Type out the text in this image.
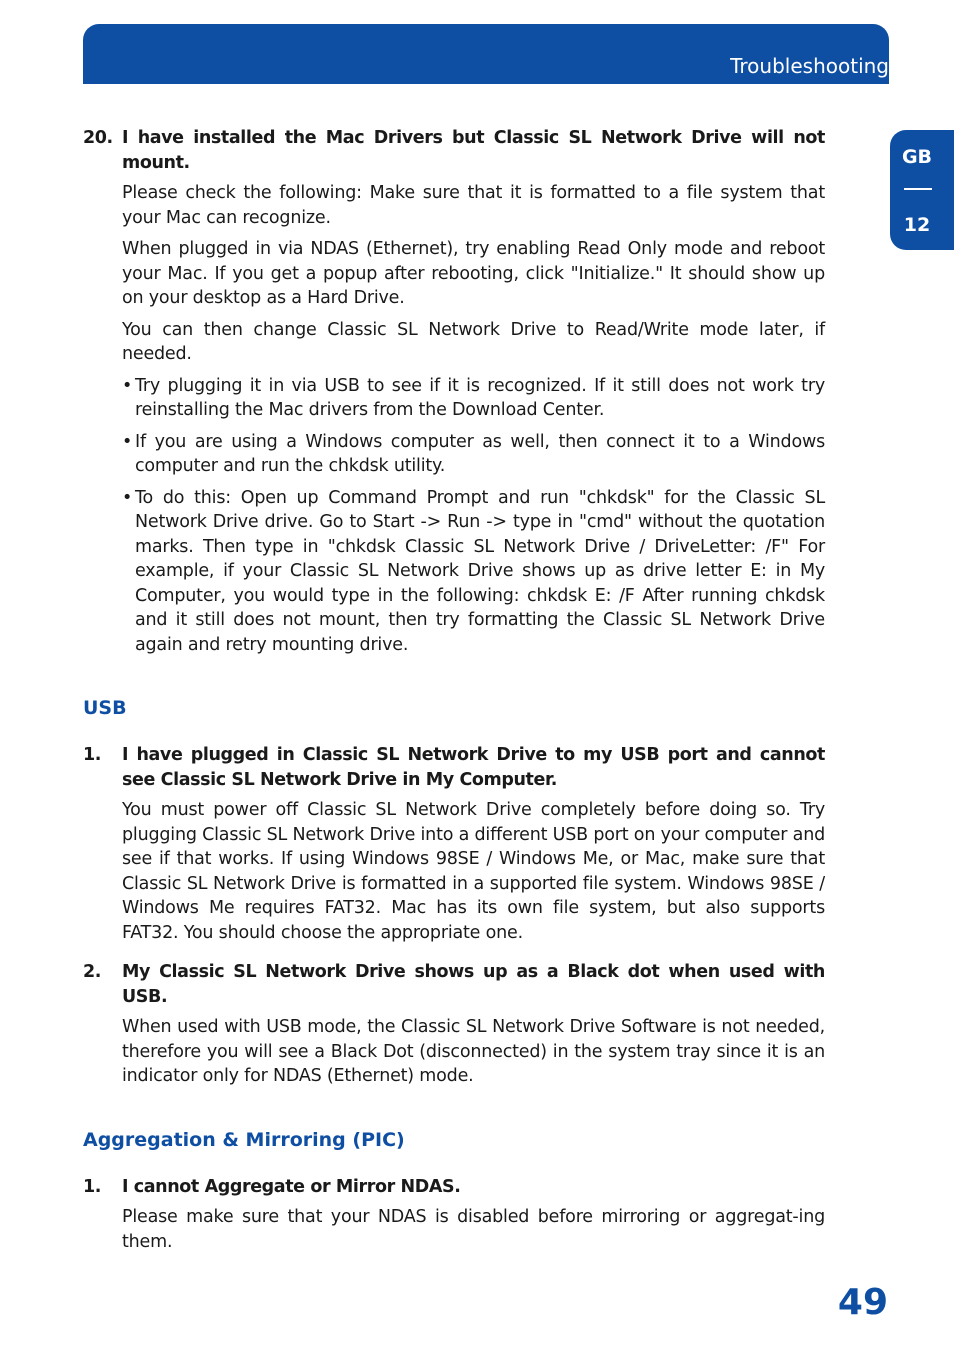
Troubleshooting
GB
12
20. I have installed the Mac Drivers but Classic SL Network Drive will not mount.
Please check the following: Make sure that it is formatted to a file system that your Mac can recognize.
When plugged in via NDAS (Ethernet), try enabling Read Only mode and reboot your Mac. If you get a popup after rebooting, click "Initialize." It should show up on your desktop as a Hard Drive.
You can then change Classic SL Network Drive to Read/Write mode later, if needed.
• Try plugging it in via USB to see if it is recognized. If it still does not work try reinstalling the Mac drivers from the Download Center.
• If you are using a Windows computer as well, then connect it to a Windows computer and run the chkdsk utility.
• To do this: Open up Command Prompt and run "chkdsk" for the Classic SL Network Drive drive. Go to Start -> Run -> type in "cmd" without the quotation marks. Then type in "chkdsk Classic SL Network Drive / DriveLetter: /F" For example, if your Classic SL Network Drive shows up as drive letter E: in My Computer, you would type in the following: chkdsk E: /F After running chkdsk and it still does not mount, then try formatting the Classic SL Network Drive again and retry mounting drive.
USB
1.	I have plugged in Classic SL Network Drive to my USB port and cannot see Classic SL Network Drive in My Computer.
You must power off Classic SL Network Drive completely before doing so. Try plugging Classic SL Network Drive into a different USB port on your computer and see if that works. If using Windows 98SE / Windows Me, or Mac, make sure that Classic SL Network Drive is formatted in a supported file system. Windows 98SE / Windows Me requires FAT32. Mac has its own file system, but also supports FAT32. You should choose the appropriate one.
2.	My Classic SL Network Drive shows up as a Black dot when used with USB.
When used with USB mode, the Classic SL Network Drive Software is not needed, therefore you will see a Black Dot (disconnected) in the system tray since it is an indicator only for NDAS (Ethernet) mode.
Aggregation & Mirroring (PIC)
1.	I cannot Aggregate or Mirror NDAS.
Please make sure that your NDAS is disabled before mirroring or aggregat-ing them.
49
